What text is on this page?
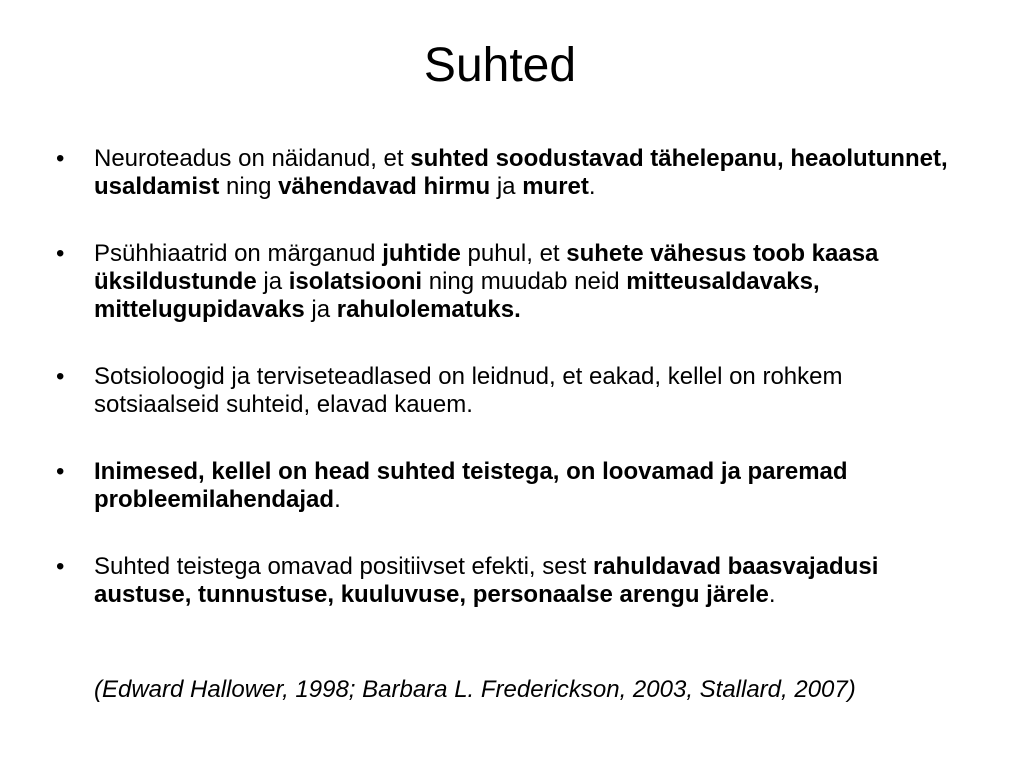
Suhted
• Neuroteadus on näidanud, et suhted soodustavad tähelepanu, heaolutunnet, usaldamist ning vähendavad hirmu ja muret.
• Psühhiaatrid on märganud juhtide puhul, et suhete vähesus toob kaasa üksildustunde ja isolatsiooni ning muudab neid mitteusaldavaks, mittelugupidavaks ja rahulolematuks.
• Sotsioloogid ja terviseteadlased on leidnud, et eakad, kellel on rohkem sotsiaalseid suhteid, elavad kauem.
• Inimesed, kellel on head suhted teistega, on loovamad ja paremad probleemilahendajad.
• Suhted teistega omavad positiivset efekti, sest rahuldavad baasvajadusi austuse, tunnustuse, kuuluvuse, personaalse arengu järele.

(Edward Hallower, 1998; Barbara L. Frederickson, 2003, Stallard, 2007)
